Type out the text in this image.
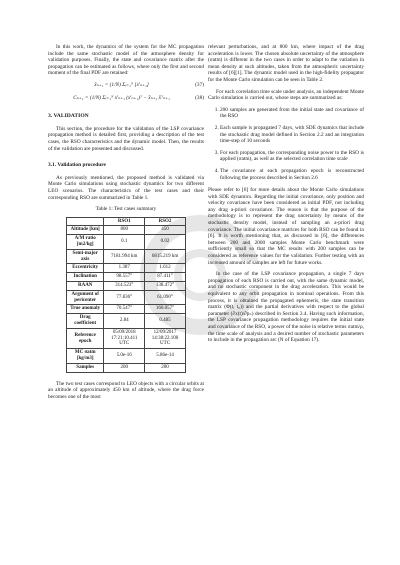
In this work, the dynamics of the system for the MC propagation include the same stochastic model of the atmosphere density for validation purposes. Finally, the state and covariance matrix after the propagation can be estimated as follows, where only the first and second moment of the final PDF are retained:

x̂ₙ₊₁ = (1/N) Σᵢ₌₁ᴺ [xⁱₙ₊₁]	(37)
Cₙ₊₁ = (1/N) Σᵢ₌₁ᴺ xⁱₙ₊₁ (xⁱₙ₊₁)ᵀ − x̂ₙ₊₁ x̂ᵀₙ₊₁	(38)
3. VALIDATION

This section, the procedure for the validation of the LSP covariance propagation method is detailed first, providing a description of the test cases, the RSO characteristics and the dynamic model. Then, the results of the validation are presented and discussed.

3.1. Validation procedure

As previously mentioned, the proposed method is validated via Monte Carlo simulations using stochastic dynamics for two different LEO scenarios. The characteristics of the test cases and their corresponding RSO are summarized in Table 1.

Table 1: Test cases summary
	RSO1	RSO2
Altitude [km]	800	450
A/M ratio [m2/kg]	0.1	0.02
Semi-major axis	7181.994 km	6815.219 km
Eccentricity	1.387	1.612
Inclination	98.557°	87.411°
RAAN	314.523°	138.472°
Argument of pericenter	77.836°	61.090°
True anomaly	70.547°	160.057°
Drag coefficient	2.84	0.485
Reference epoch	05/09/2018 17:21:10.411 UTC	12/09/2017 14:38:22.100 UTC
MC σatm [kg/m3]	5.0e-16	5.86e-14
Samples	200	200

The two test cases correspond to LEO objects with a circular orbits at an altitude of approximately 450 km of altitude, where the drag force becomes one of the most

relevant perturbations, and at 800 km, where impact of the drag acceleration is lower. The chosen absolute uncertainty of the atmosphere (σatm) is different in the two cases in order to adapt to the variation in mean density at such altitudes, taken from the atmospheric uncertainty results of [6][1]. The dynamic model used in the high-fidelity propagator for the Monte Carlo simulation can be seen in Table 2.

For each correlation time scale under analysis, an independent Monte Carlo simulation is carried out, whose steps are summarized as:

1. 200 samples are generated from the initial state and covariance of the RSO
2. Each sample is propagated 7 days, with SDE dynamics that include the stochastic drag model defined in Section 2.2 and an integration time-step of 10 seconds
3. For each propagation, the corresponding noise power to the RSO is applied (σatm), as well as the selected correlation time scale
4. The covariance at each propagation epoch is reconstructed following the process described in Section 2.6

Please refer to [6] for more details about the Monte Carlo simulations with SDE dynamics. Regarding the initial covariance, only position and velocity covariance have been considered as initial PDF, not including any drag a-priori covariance. The reason is that the purpose of the methodology is to represent the drag uncertainty by means of the stochastic density model, instead of sampling an a-priori drag covariance. The initial covariance matrices for both RSO can be found in [6]. It is worth mentioning that, as discussed in [6], the differences between 200 and 2000 samples Monte Carlo benchmark were sufficiently small so that the MC results with 200 samples can be considered as reference values for the validation. Further testing with an increased amount of samples are left for future works.

In the case of the LSP covariance propagation, a single 7 days propagation of each RSO is carried out, with the same dynamic model, and no stochastic component in the drag acceleration. This would be equivalent to any orbit propagation in nominal operations. From this process, it is obtained the propagated ephemeris, the state transition matrix (Φ(t, t₀)) and the partial derivatives with respect to the global parameter (∂x(t)/∂pₙ) described in Section 2.4. Having such information, the LSP covariance propagation methodology requires the initial state and covariance of the RSO, a power of the noise in relative terms σatm/ρ, the time scale of analysis and a desired number of stochastic parameters to include in the propagation arc (N of Equation 17).
